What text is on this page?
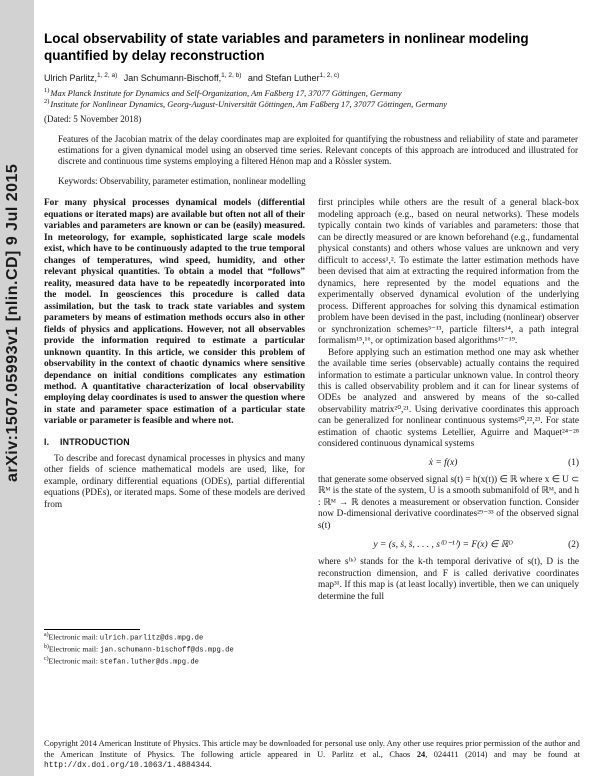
arXiv:1507.05993v1 [nlin.CD] 9 Jul 2015
Local observability of state variables and parameters in nonlinear modeling quantified by delay reconstruction
Ulrich Parlitz,$^{1, 2, a)}$ Jan Schumann-Bischoff,$^{1, 2, b)}$ and Stefan Luther$^{1, 2, c)}$
$^{1)}$Max Planck Institute for Dynamics and Self-Organization, Am Faßberg 17, 37077 Göttingen, Germany
$^{2)}$Institute for Nonlinear Dynamics, Georg-August-Universität Göttingen, Am Faßberg 17, 37077 Göttingen, Germany
(Dated: 5 November 2018)

Features of the Jacobian matrix of the delay coordinates map are exploited for quantifying the robustness and reliability of state and parameter estimations for a given dynamical model using an observed time series. Relevant concepts of this approach are introduced and illustrated for discrete and continuous time systems employing a filtered Hénon map and a Rössler system.

Keywords: Observability, parameter estimation, nonlinear modelling

For many physical processes dynamical models (differential equations or iterated maps) are available but often not all of their variables and parameters are known or can be (easily) measured. In meteorology, for example, sophisticated large scale models exist, which have to be continuously adapted to the true temporal changes of temperatures, wind speed, humidity, and other relevant physical quantities. To obtain a model that “follows” reality, measured data have to be repeatedly incorporated into the model. In geosciences this procedure is called data assimilation, but the task to track state variables and system parameters by means of estimation methods occurs also in other fields of physics and applications. However, not all observables provide the information required to estimate a particular unknown quantity. In this article, we consider this problem of observability in the context of chaotic dynamics where sensitive dependance on initial conditions complicates any estimation method. A quantitative characterization of local observability employing delay coordinates is used to answer the question where in state and parameter space estimation of a particular state variable or parameter is feasible and where not.

I. INTRODUCTION

To describe and forecast dynamical processes in physics and many other fields of science mathematical models are used, like, for example, ordinary differential equations (ODEs), partial differential equations (PDEs), or iterated maps. Some of these models are derived from

$^{a)}$Electronic mail: ulrich.parlitz@ds.mpg.de
$^{b)}$Electronic mail: jan.schumann-bischoff@ds.mpg.de
$^{c)}$Electronic mail: stefan.luther@ds.mpg.de

first principles while others are the result of a general black-box modeling approach (e.g., based on neural networks). These models typically contain two kinds of variables and parameters: those that can be directly measured or are known beforehand (e.g., fundamental physical constants) and others whose values are unknown and very difficult to access¹,². To estimate the latter estimation methods have been devised that aim at extracting the required information from the dynamics, here represented by the model equations and the experimentally observed dynamical evolution of the underlying process. Different approaches for solving this dynamical estimation problem have been devised in the past, including (nonlinear) observer or synchronization schemes³⁻¹³, particle filters¹⁴, a path integral formalism¹⁵,¹⁶, or optimization based algorithms¹⁷⁻¹⁹.

Before applying such an estimation method one may ask whether the available time series (observable) actually contains the required information to estimate a particular unknown value. In control theory this is called observability problem and it can for linear systems of ODEs be analyzed and answered by means of the so-called observability matrix²⁰,²¹. Using derivative coordinates this approach can be generalized for nonlinear continuous systems²⁰,²²,²³. For state estimation of chaotic systems Letellier, Aguirre and Maquet²⁴⁻²⁸ considered continuous dynamical systems

ẋ = f(x)	(1)

that generate some observed signal s(t) = h(x(t)) ∈ ℝ where x ∈ U ⊂ ℝᴹ is the state of the system, U is a smooth submanifold of ℝᴹ, and h : ℝᴹ → ℝ denotes a measurement or observation function. Consider now D-dimensional derivative coordinates²⁹⁻³³ of the observed signal s(t)

y = (s, ṡ, s̈, . . . , s⁽ᴰ⁻¹⁾) = F(x) ∈ ℝᴰ	(2)

where s⁽ᵏ⁾ stands for the k-th temporal derivative of s(t), D is the reconstruction dimension, and F is called derivative coordinates map³¹. If this map is (at least locally) invertible, then we can uniquely determine the full

Copyright 2014 American Institute of Physics. This article may be downloaded for personal use only. Any other use requires prior permission of the author and the American Institute of Physics. The following article appeared in U. Parlitz et al., Chaos 24, 024411 (2014) and may be found at http://dx.doi.org/10.1063/1.4884344.
